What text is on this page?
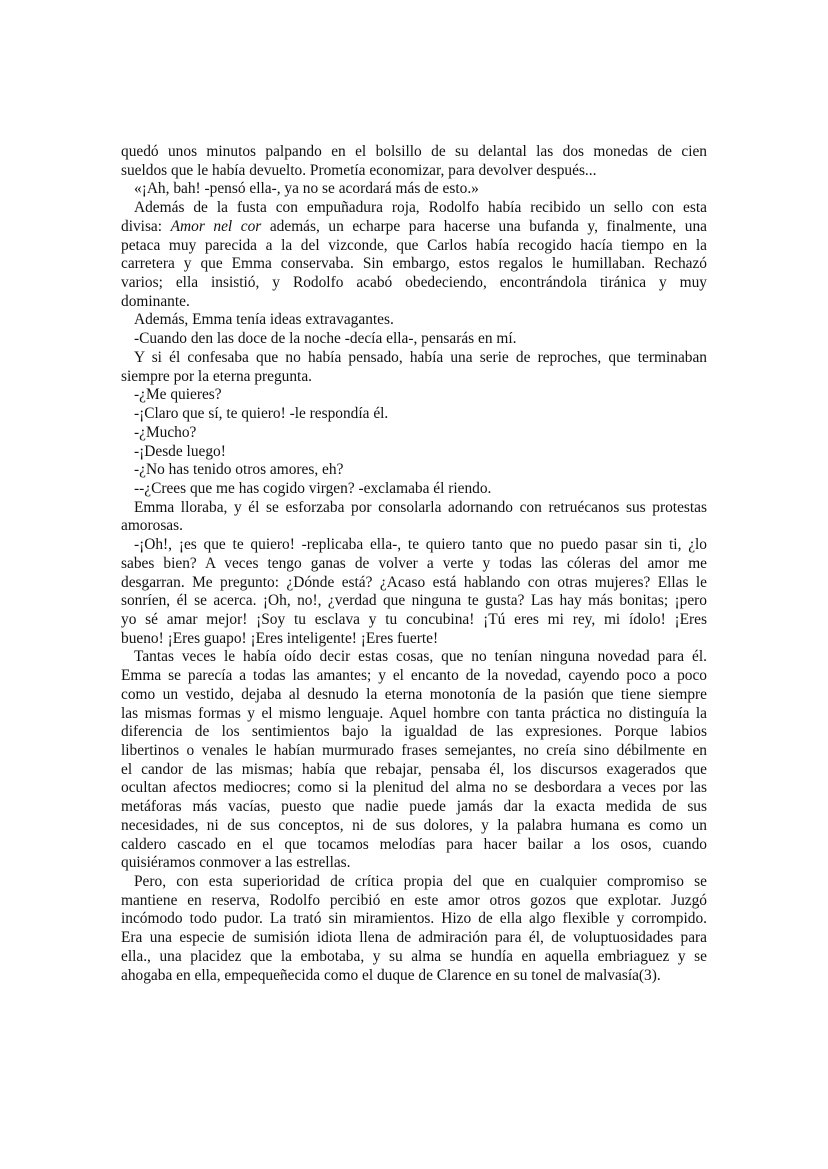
quedó unos minutos palpando en el bolsillo de su delantal las dos monedas de cien
sueldos que le había devuelto. Prometía economizar, para devolver después...
«¡Ah, bah! -pensó ella-, ya no se acordará más de esto.»
Además de la fusta con empuñadura roja, Rodolfo había recibido un sello con esta
divisa: Amor nel cor además, un echarpe para hacerse una bufanda y, finalmente, una
petaca muy parecida a la del vizconde, que Carlos había recogido hacía tiempo en la
carretera y que Emma conservaba. Sin embargo, estos regalos le humillaban. Rechazó
varios; ella insistió, y Rodolfo acabó obedeciendo, encontrándola tiránica y muy
dominante.
Además, Emma tenía ideas extravagantes.
-Cuando den las doce de la noche -decía ella-, pensarás en mí.
Y si él confesaba que no había pensado, había una serie de reproches, que terminaban
siempre por la eterna pregunta.
-¿Me quieres?
-¡Claro que sí, te quiero! -le respondía él.
-¿Mucho?
-¡Desde luego!
-¿No has tenido otros amores, eh?
--¿Crees que me has cogido virgen? -exclamaba él riendo.
Emma lloraba, y él se esforzaba por consolarla adornando con retruécanos sus protestas
amorosas.
-¡Oh!, ¡es que te quiero! -replicaba ella-, te quiero tanto que no puedo pasar sin ti, ¿lo
sabes bien? A veces tengo ganas de volver a verte y todas las cóleras del amor me
desgarran. Me pregunto: ¿Dónde está? ¿Acaso está hablando con otras mujeres? Ellas le
sonríen, él se acerca. ¡Oh, no!, ¿verdad que ninguna te gusta? Las hay más bonitas; ¡pero
yo sé amar mejor! ¡Soy tu esclava y tu concubina! ¡Tú eres mi rey, mi ídolo! ¡Eres
bueno! ¡Eres guapo! ¡Eres inteligente! ¡Eres fuerte!
Tantas veces le había oído decir estas cosas, que no tenían ninguna novedad para él.
Emma se parecía a todas las amantes; y el encanto de la novedad, cayendo poco a poco
como un vestido, dejaba al desnudo la eterna monotonía de la pasión que tiene siempre
las mismas formas y el mismo lenguaje. Aquel hombre con tanta práctica no distinguía la
diferencia de los sentimientos bajo la igualdad de las expresiones. Porque labios
libertinos o venales le habían murmurado frases semejantes, no creía sino débilmente en
el candor de las mismas; había que rebajar, pensaba él, los discursos exagerados que
ocultan afectos mediocres; como si la plenitud del alma no se desbordara a veces por las
metáforas más vacías, puesto que nadie puede jamás dar la exacta medida de sus
necesidades, ni de sus conceptos, ni de sus dolores, y la palabra humana es como un
caldero cascado en el que tocamos melodías para hacer bailar a los osos, cuando
quisiéramos conmover a las estrellas.
Pero, con esta superioridad de crítica propia del que en cualquier compromiso se
mantiene en reserva, Rodolfo percibió en este amor otros gozos que explotar. Juzgó
incómodo todo pudor. La trató sin miramientos. Hizo de ella algo flexible y corrompido.
Era una especie de sumisión idiota llena de admiración para él, de voluptuosidades para
ella., una placidez que la embotaba, y su alma se hundía en aquella embriaguez y se
ahogaba en ella, empequeñecida como el duque de Clarence en su tonel de malvasía(3).
